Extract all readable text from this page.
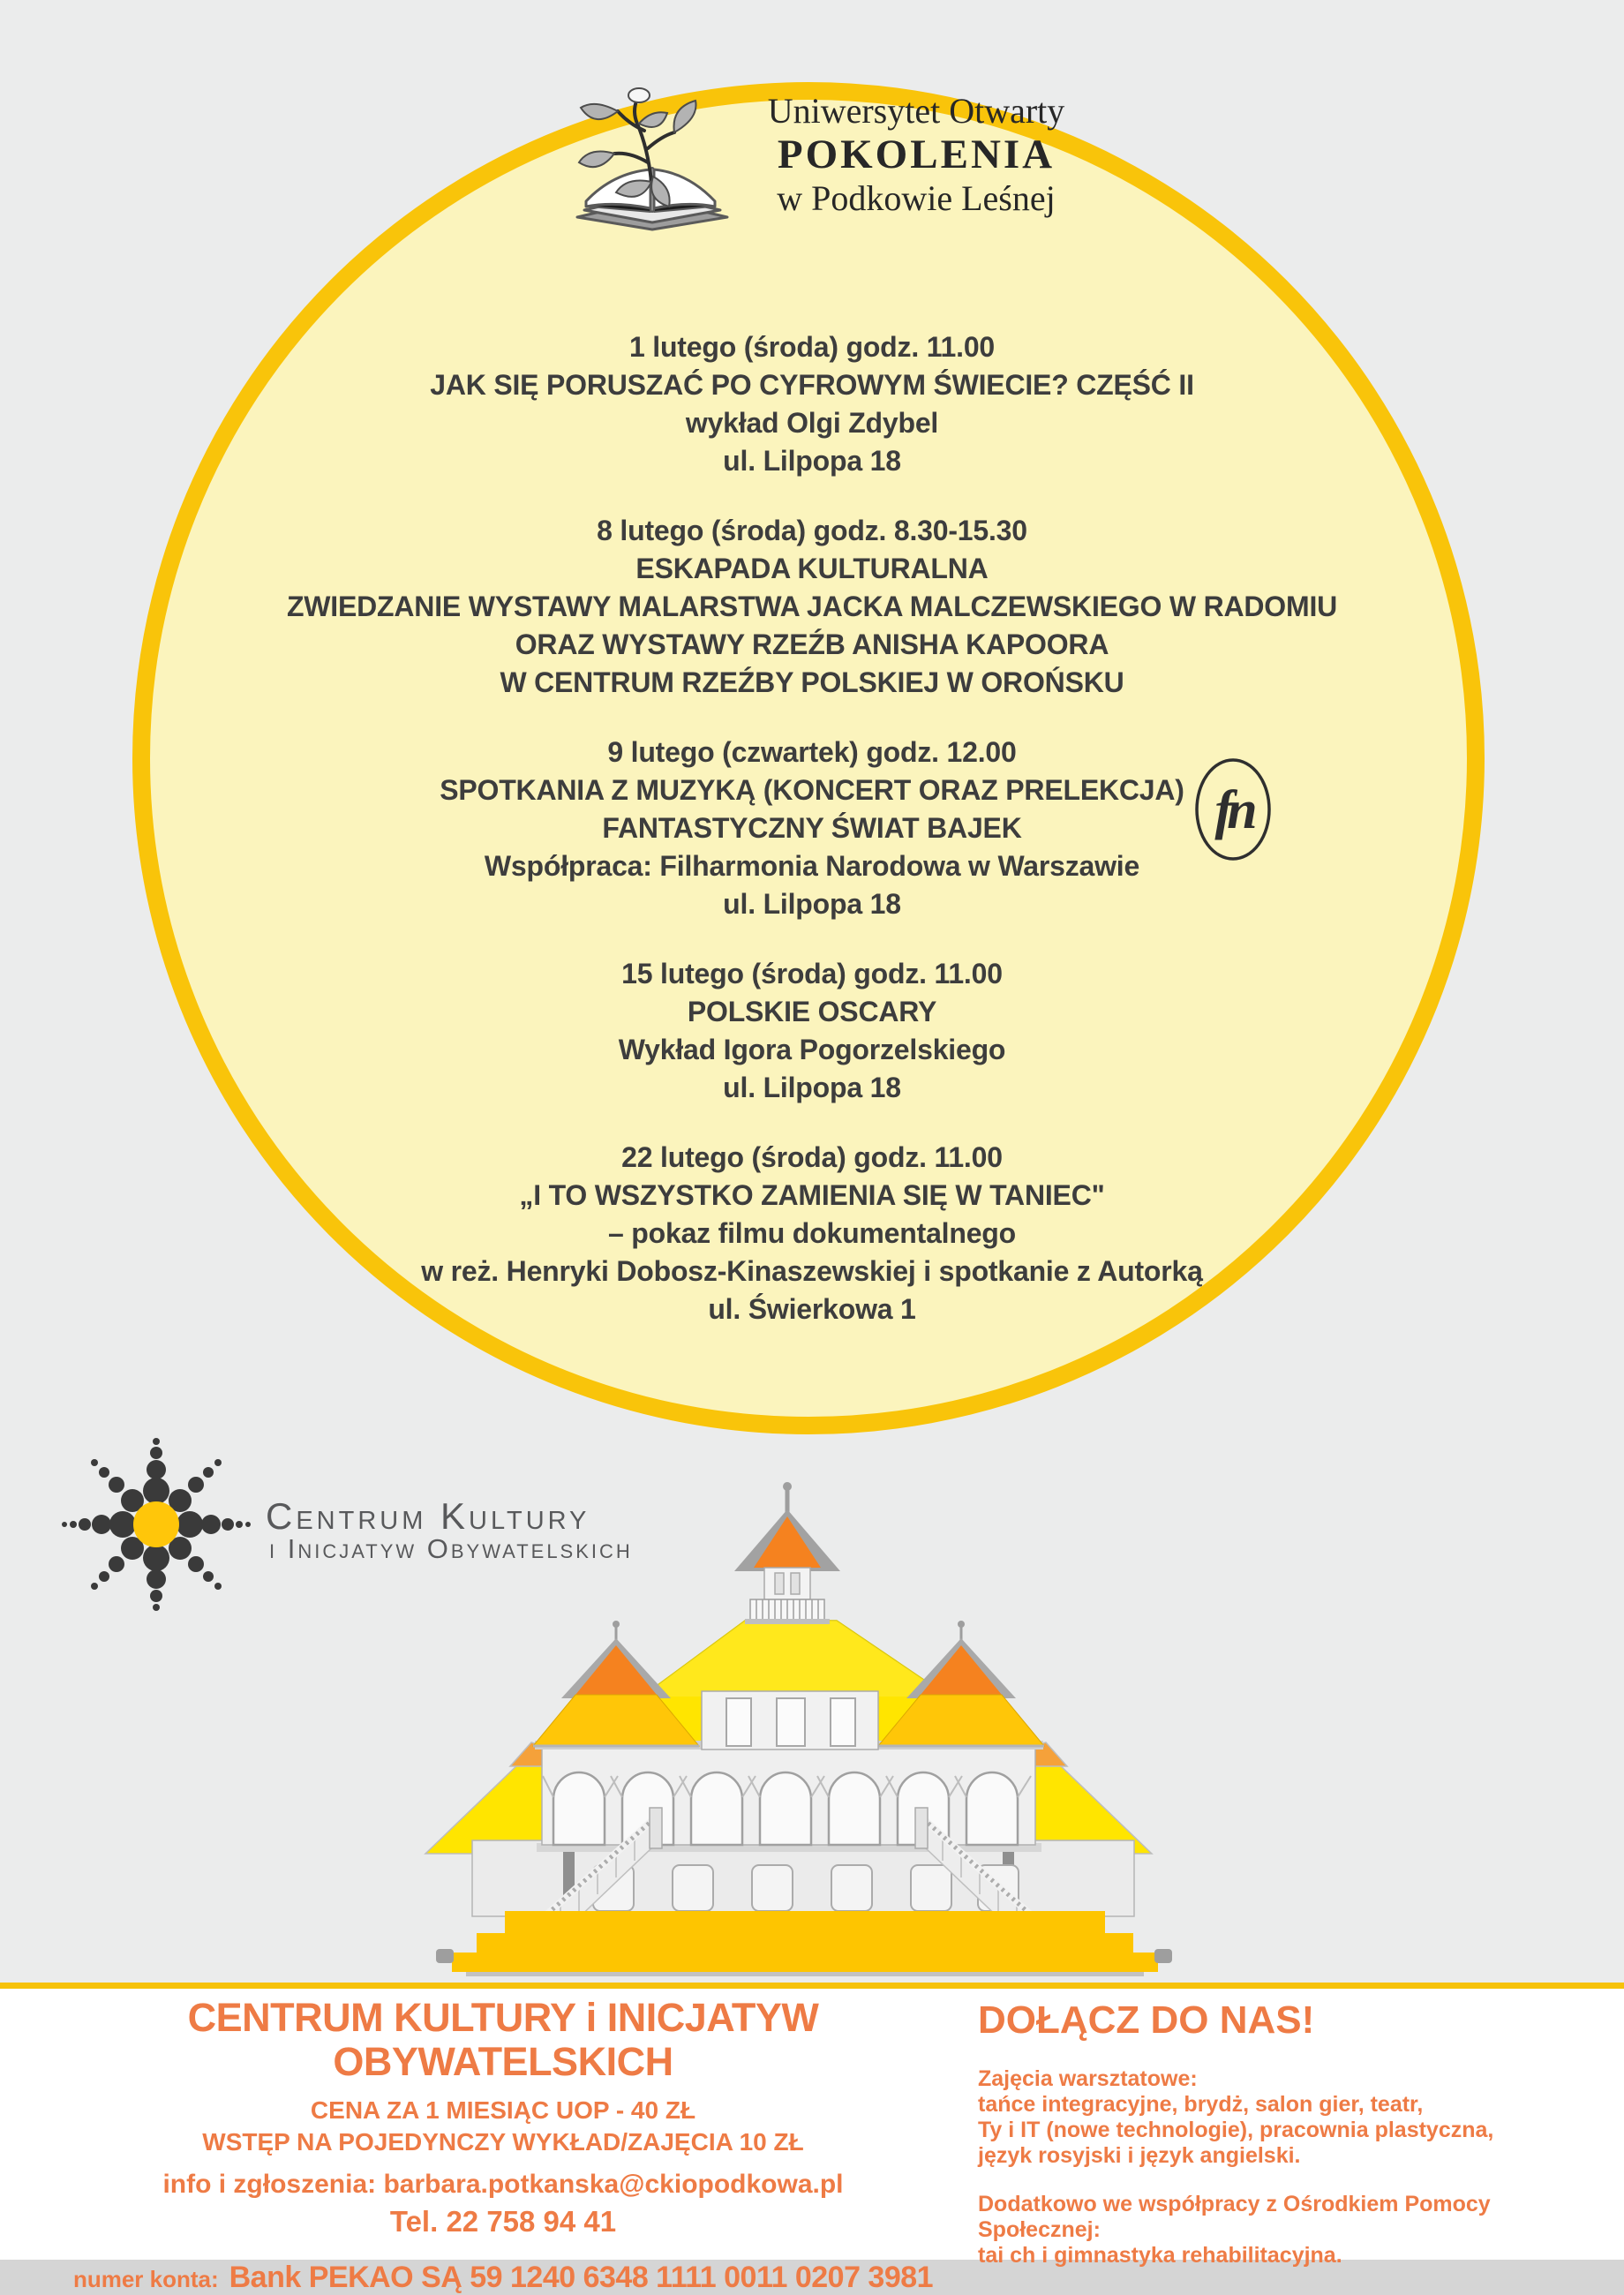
Uniwersytet Otwarty
POKOLENIA
w Podkowie Leśnej

1 lutego (środa) godz. 11.00

JAK SIĘ PORUSZAĆ PO CYFROWYM ŚWIECIE? CZĘŚĆ II

wykład Olgi Zdybel

ul. Lilpopa 18

8 lutego (środa) godz. 8.30-15.30

ESKAPADA KULTURALNA

ZWIEDZANIE WYSTAWY MALARSTWA JACKA MALCZEWSKIEGO W RADOMIU

ORAZ WYSTAWY RZEŹB ANISHA KAPOORA

W CENTRUM RZEŹBY POLSKIEJ W OROŃSKU

9 lutego (czwartek) godz. 12.00

SPOTKANIA Z MUZYKĄ (KONCERT ORAZ PRELEKCJA)

FANTASTYCZNY ŚWIAT BAJEK

Współpraca: Filharmonia Narodowa w Warszawie

ul. Lilpopa 18

15 lutego (środa) godz. 11.00

POLSKIE OSCARY

Wykład Igora Pogorzelskiego

ul. Lilpopa 18

22 lutego (środa) godz. 11.00

„I TO WSZYSTKO ZAMIENIA SIĘ W TANIEC"

– pokaz filmu dokumentalnego

w reż. Henryki Dobosz-Kinaszewskiej i spotkanie z Autorką

ul. Świerkowa 1

fn
Centrum Kultury
i Inicjatyw Obywatelskich
CENTRUM KULTURY i INICJATYW OBYWATELSKICH
CENA ZA 1 MIESIĄC UOP - 40 ZŁ
WSTĘP NA POJEDYNCZY WYKŁAD/ZAJĘCIA 10 ZŁ
info i zgłoszenia: barbara.potkanska@ckiopodkowa.pl
Tel. 22 758 94 41
numer konta: Bank PEKAO SĄ 59 1240 6348 1111 0011 0207 3981
DOŁĄCZ DO NAS!

Zajęcia warsztatowe:

tańce integracyjne, brydż, salon gier, teatr,

Ty i IT (nowe technologie), pracownia plastyczna,

język rosyjski i język angielski.

Dodatkowo we współpracy z Ośrodkiem Pomocy Społecznej:

tai ch i gimnastyka rehabilitacyjna.
